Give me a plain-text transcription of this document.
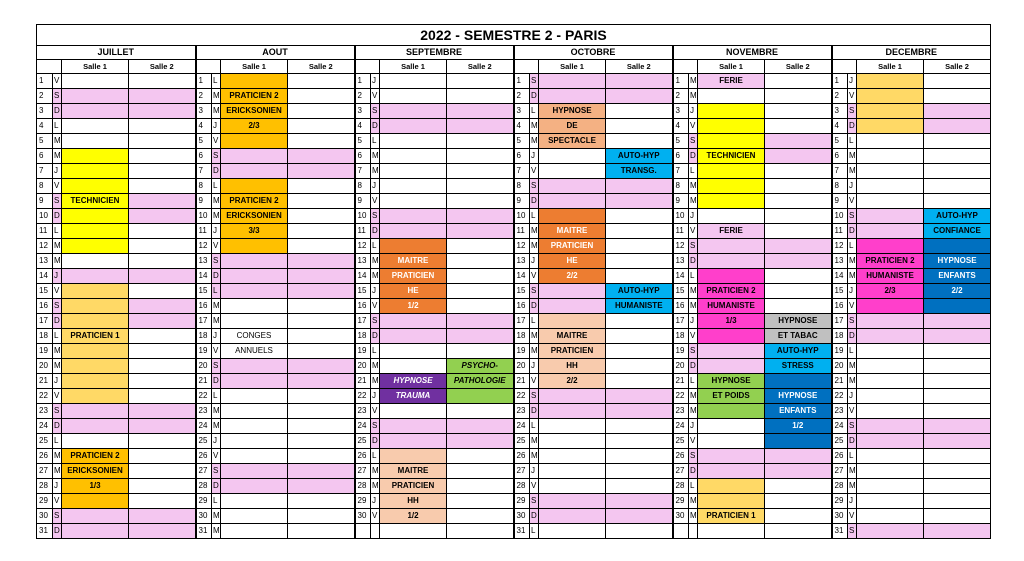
2022 - SEMESTRE 2 - PARIS																							
JUILLET				AOUT				SEPTEMBRE				OCTOBRE				NOVEMBRE				DECEMBRE			
		Salle 1	Salle 2			Salle 1	Salle 2			Salle 1	Salle 2			Salle 1	Salle 2			Salle 1	Salle 2			Salle 1	Salle 2
1	V			1	L			1	J			1	S			1	M	FERIE		1	J		
2	S			2	M	PRATICIEN 2		2	V			2	D			2	M			2	V		
3	D			3	M	ERICKSONIEN		3	S			3	L	HYPNOSE		3	J			3	S		
4	L			4	J	2/3		4	D			4	M	DE		4	V			4	D		
5	M			5	V			5	L			5	M	SPECTACLE		5	S			5	L		
6	M			6	S			6	M			6	J		AUTO-HYP	6	D	TECHNICIEN		6	M		
7	J			7	D			7	M			7	V		TRANSG.	7	L			7	M		
8	V			8	L			8	J			8	S			8	M			8	J		
9	S	TECHNICIEN		9	M	PRATICIEN 2		9	V			9	D			9	M			9	V		
10	D			10	M	ERICKSONIEN		10	S			10	L			10	J			10	S		AUTO-HYP
11	L			11	J	3/3		11	D			11	M	MAITRE		11	V	FERIE		11	D		CONFIANCE
12	M			12	V			12	L			12	M	PRATICIEN		12	S			12	L		
13	M			13	S			13	M	MAITRE		13	J	HE		13	D			13	M	PRATICIEN 2	HYPNOSE
14	J			14	D			14	M	PRATICIEN		14	V	2/2		14	L			14	M	HUMANISTE	ENFANTS
15	V			15	L			15	J	HE		15	S		AUTO-HYP	15	M	PRATICIEN 2		15	J	2/3	2/2
16	S			16	M			16	V	1/2		16	D		HUMANISTE	16	M	HUMANISTE		16	V		
17	D			17	M			17	S			17	L			17	J	1/3	HYPNOSE	17	S		
18	L	PRATICIEN 1		18	J	CONGES		18	D			18	M	MAITRE		18	V		ET TABAC	18	D		
19	M			19	V	ANNUELS		19	L			19	M	PRATICIEN		19	S		AUTO-HYP	19	L		
20	M			20	S			20	M		PSYCHO-	20	J	HH		20	D		STRESS	20	M		
21	J			21	D			21	M	HYPNOSE	PATHOLOGIE	21	V	2/2		21	L	HYPNOSE		21	M		
22	V			22	L			22	J	TRAUMA		22	S			22	M	ET POIDS	HYPNOSE	22	J		
23	S			23	M			23	V			23	D			23	M		ENFANTS	23	V		
24	D			24	M			24	S			24	L			24	J		1/2	24	S		
25	L			25	J			25	D			25	M			25	V			25	D		
26	M	PRATICIEN 2		26	V			26	L			26	M			26	S			26	L		
27	M	ERICKSONIEN		27	S			27	M	MAITRE		27	J			27	D			27	M		
28	J	1/3		28	D			28	M	PRATICIEN		28	V			28	L			28	M		
29	V			29	L			29	J	HH		29	S			29	M			29	J		
30	S			30	M			30	V	1/2		30	D			30	M	PRATICIEN 1		30	V		
31	D			31	M							31	L							31	S		
